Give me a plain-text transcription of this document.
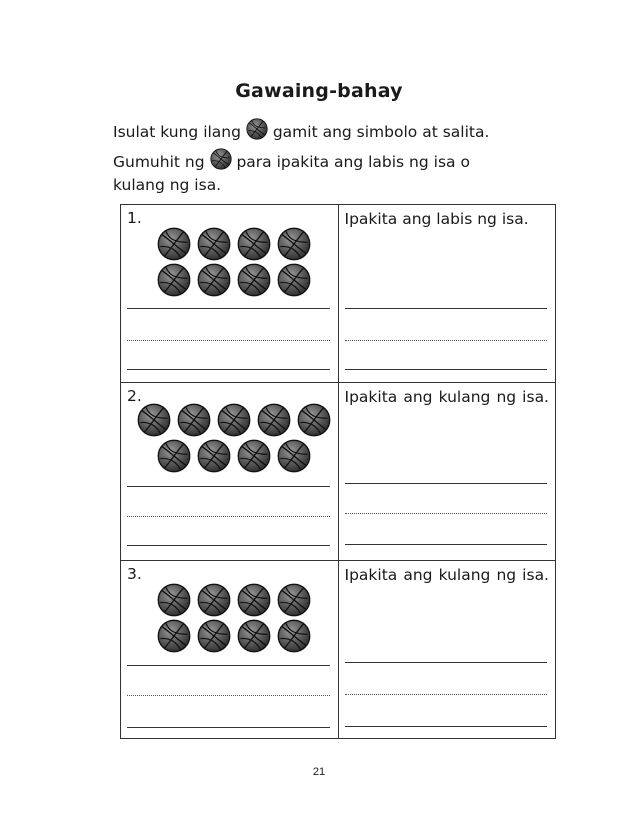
Gawaing-bahay
Isulat kung ilang gamit ang simbolo at salita.
Gumuhit ng para ipakita ang labis ng isa o
kulang ng isa.
1.	Ipakita ang labis ng isa.

2.	Ipakita ang kulang ng isa.

3.	Ipakita ang kulang ng isa.
21
